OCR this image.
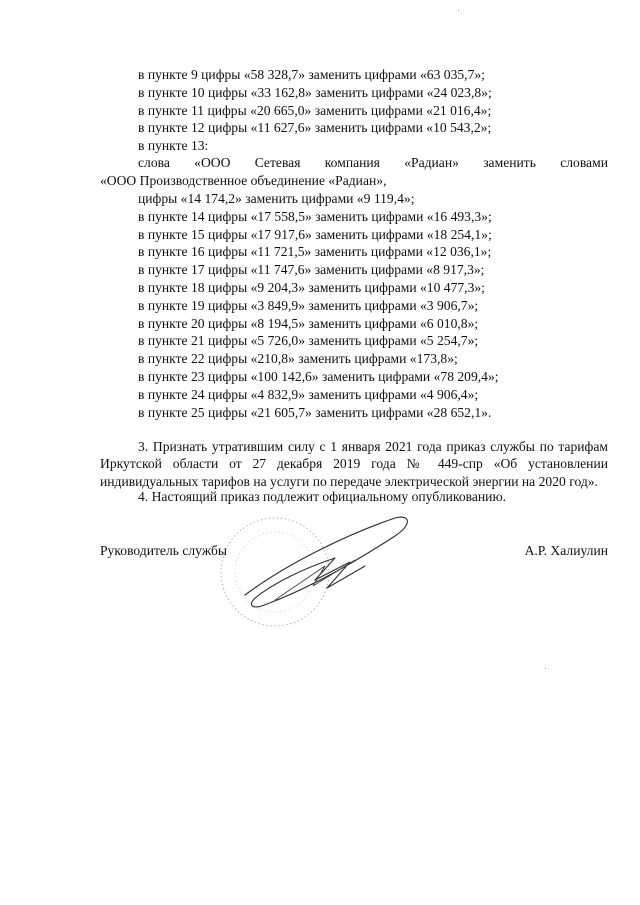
в пункте 9 цифры «58 328,7» заменить цифрами «63 035,7»;
в пункте 10 цифры «33 162,8» заменить цифрами «24 023,8»;
в пункте 11 цифры «20 665,0» заменить цифрами «21 016,4»;
в пункте 12 цифры «11 627,6» заменить цифрами «10 543,2»;
в пункте 13:
слова «ООО Сетевая компания «Радиан» заменить словами
«ООО Производственное объединение «Радиан»,
цифры «14 174,2» заменить цифрами «9 119,4»;
в пункте 14 цифры «17 558,5» заменить цифрами «16 493,3»;
в пункте 15 цифры «17 917,6» заменить цифрами «18 254,1»;
в пункте 16 цифры «11 721,5» заменить цифрами «12 036,1»;
в пункте 17 цифры «11 747,6» заменить цифрами «8 917,3»;
в пункте 18 цифры «9 204,3» заменить цифрами «10 477,3»;
в пункте 19 цифры «3 849,9» заменить цифрами «3 906,7»;
в пункте 20 цифры «8 194,5» заменить цифрами «6 010,8»;
в пункте 21 цифры «5 726,0» заменить цифрами «5 254,7»;
в пункте 22 цифры «210,8» заменить цифрами «173,8»;
в пункте 23 цифры «100 142,6» заменить цифрами «78 209,4»;
в пункте 24 цифры «4 832,9» заменить цифрами «4 906,4»;
в пункте 25 цифры «21 605,7» заменить цифрами «28 652,1».

3. Признать утратившим силу с 1 января 2021 года приказ службы по тарифам Иркутской области от 27 декабря 2019 года № 449-спр «Об установлении индивидуальных тарифов на услуги по передаче электрической энергии на 2020 год».

4. Настоящий приказ подлежит официальному опубликованию.
Руководитель службы	А.Р. Халиулин
